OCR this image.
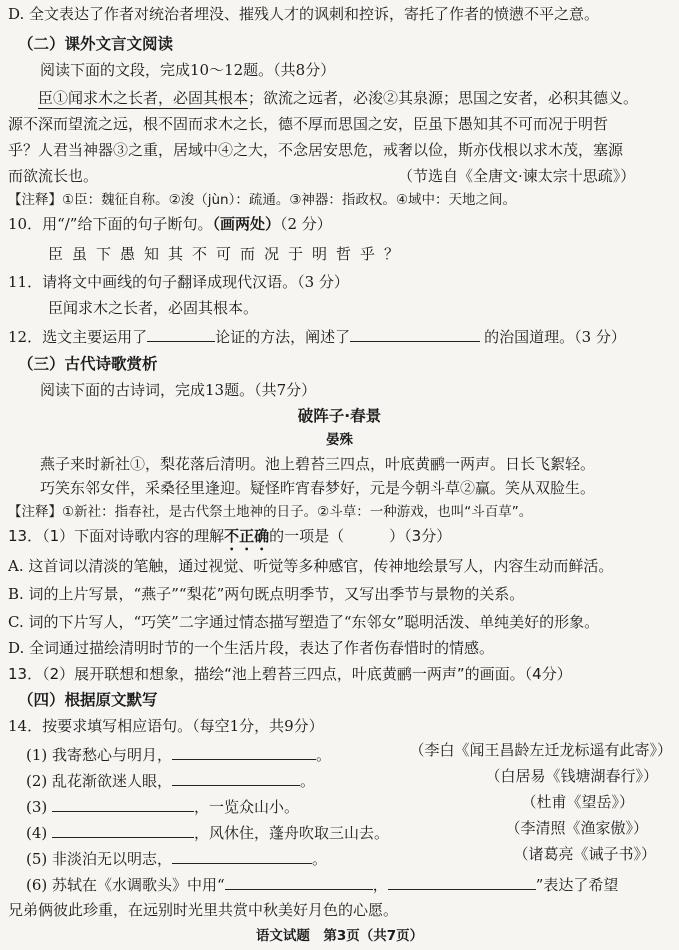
D. 全文表达了作者对统治者埋没、摧残人才的讽刺和控诉，寄托了作者的愤懑不平之意。
（二）课外文言文阅读
阅读下面的文段，完成10～12题。（共8分）
臣①闻求木之长者，必固其根本；欲流之远者，必浚②其泉源；思国之安者，必积其德义。
源不深而望流之远，根不固而求木之长，德不厚而思国之安，臣虽下愚知其不可而况于明哲
乎？人君当神器③之重，居域中④之大，不念居安思危，戒奢以俭，斯亦伐根以求木茂，塞源
而欲流长也。	（节选自《全唐文·谏太宗十思疏》）
【注释】①臣：魏征自称。②浚（jùn）：疏通。③神器：指政权。④域中：天地之间。
10．用“/”给下面的句子断句。（画两处）（2 分）
臣虽下愚知其不可而况于明哲乎？
11．请将文中画线的句子翻译成现代汉语。（3 分）
臣闻求木之长者，必固其根本。
12．选文主要运用了	论证的方法，阐述了	的治国道理。（3 分）
（三）古代诗歌赏析
阅读下面的古诗词，完成13题。（共7分）
破阵子·春景
晏殊
燕子来时新社①，梨花落后清明。池上碧苔三四点，叶底黄鹂一两声。日长飞絮轻。
巧笑东邻女伴，采桑径里逢迎。疑怪昨宵春梦好，元是今朝斗草②赢。笑从双脸生。
【注释】①新社：指春社，是古代祭土地神的日子。②斗草：一种游戏，也叫“斗百草”。
13．（1）下面对诗歌内容的理解不正确的一项是（　　　）（3分）
A. 这首词以清淡的笔触，通过视觉、听觉等多种感官，传神地绘景写人，内容生动而鲜活。
B. 词的上片写景，“燕子”“梨花”两句既点明季节，又写出季节与景物的关系。
C. 词的下片写人，“巧笑”二字通过情态描写塑造了“东邻女”聪明活泼、单纯美好的形象。
D. 全词通过描绘清明时节的一个生活片段，表达了作者伤春惜时的情感。
13．（2）展开联想和想象，描绘“池上碧苔三四点，叶底黄鹂一两声”的画面。（4分）
（四）根据原文默写
14．按要求填写相应语句。（每空1分，共9分）
(1) 我寄愁心与明月，	。	（李白《闻王昌龄左迁龙标遥有此寄》）
(2) 乱花渐欲迷人眼，	。	（白居易《钱塘湖春行》）
(3)	，一览众山小。	（杜甫《望岳》）
(4)	，风休住，蓬舟吹取三山去。	（李清照《渔家傲》）
(5) 非淡泊无以明志，	。	（诸葛亮《诫子书》）
(6) 苏轼在《水调歌头》中用“	，	”表达了希望
兄弟俩彼此珍重，在远别时光里共赏中秋美好月色的心愿。
语文试题　第3页（共7页）
